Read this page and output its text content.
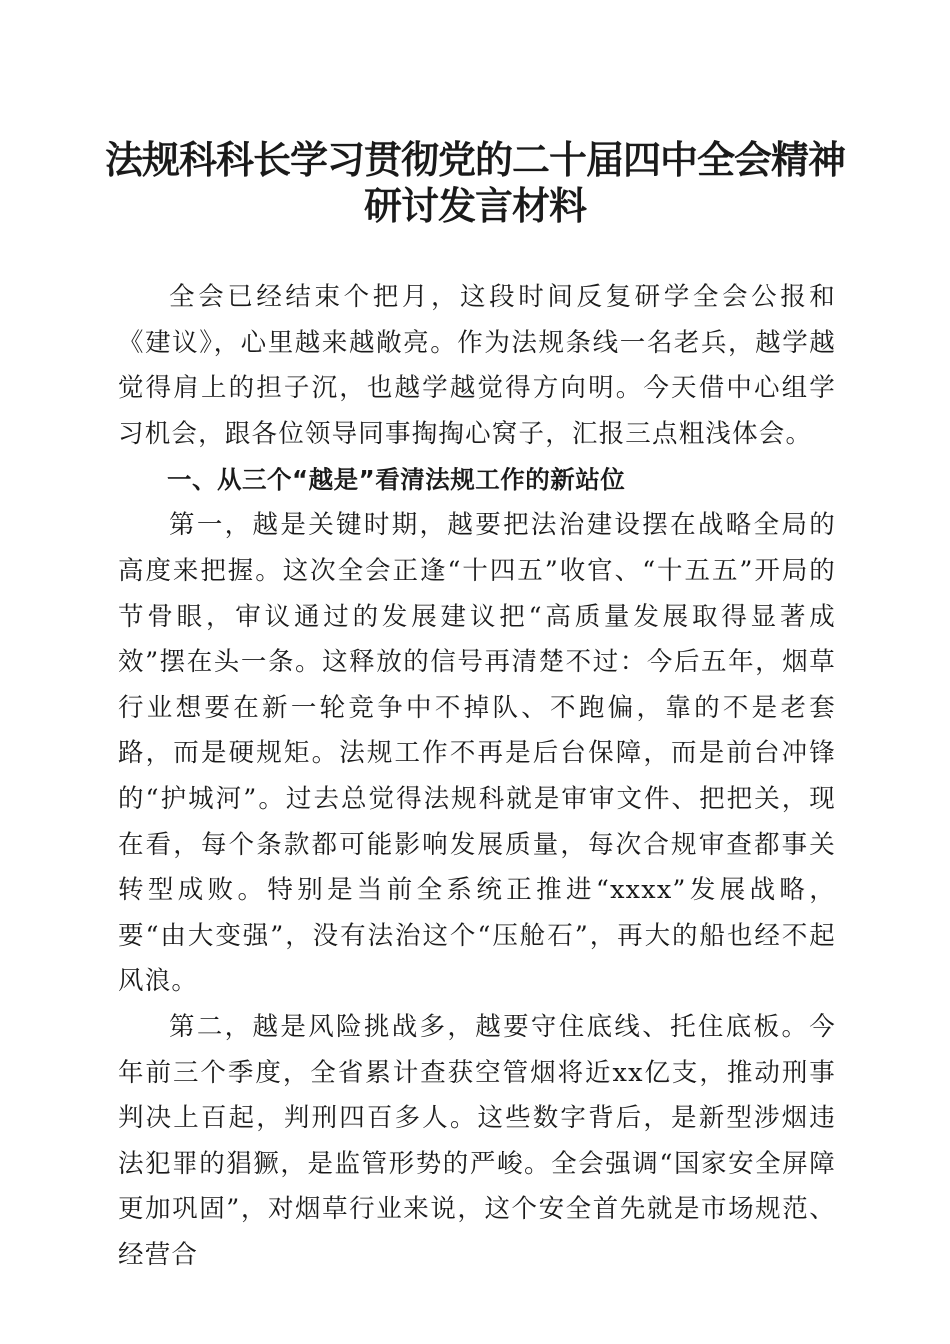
法规科科长学习贯彻党的二十届四中全会精神
研讨发言材料

全会已经结束个把月，这段时间反复研学全会公报和《建议》，心里越来越敞亮。作为法规条线一名老兵，越学越觉得肩上的担子沉，也越学越觉得方向明。今天借中心组学习机会，跟各位领导同事掏掏心窝子，汇报三点粗浅体会。

一、从三个“越是”看清法规工作的新站位

第一，越是关键时期，越要把法治建设摆在战略全局的高度来把握。这次全会正逢“十四五”收官、“十五五”开局的节骨眼，审议通过的发展建议把“高质量发展取得显著成效”摆在头一条。这释放的信号再清楚不过：今后五年，烟草行业想要在新一轮竞争中不掉队、不跑偏，靠的不是老套路，而是硬规矩。法规工作不再是后台保障，而是前台冲锋的“护城河”。过去总觉得法规科就是审审文件、把把关，现在看，每个条款都可能影响发展质量，每次合规审查都事关转型成败。特别是当前全系统正推进“xxxx”发展战略，要“由大变强”，没有法治这个“压舱石”，再大的船也经不起风浪。

第二，越是风险挑战多，越要守住底线、托住底板。今年前三个季度，全省累计查获空管烟将近xx亿支，推动刑事判决上百起，判刑四百多人。这些数字背后，是新型涉烟违法犯罪的猖獗，是监管形势的严峻。全会强调“国家安全屏障更加巩固”，对烟草行业来说，这个安全首先就是市场规范、经营合
